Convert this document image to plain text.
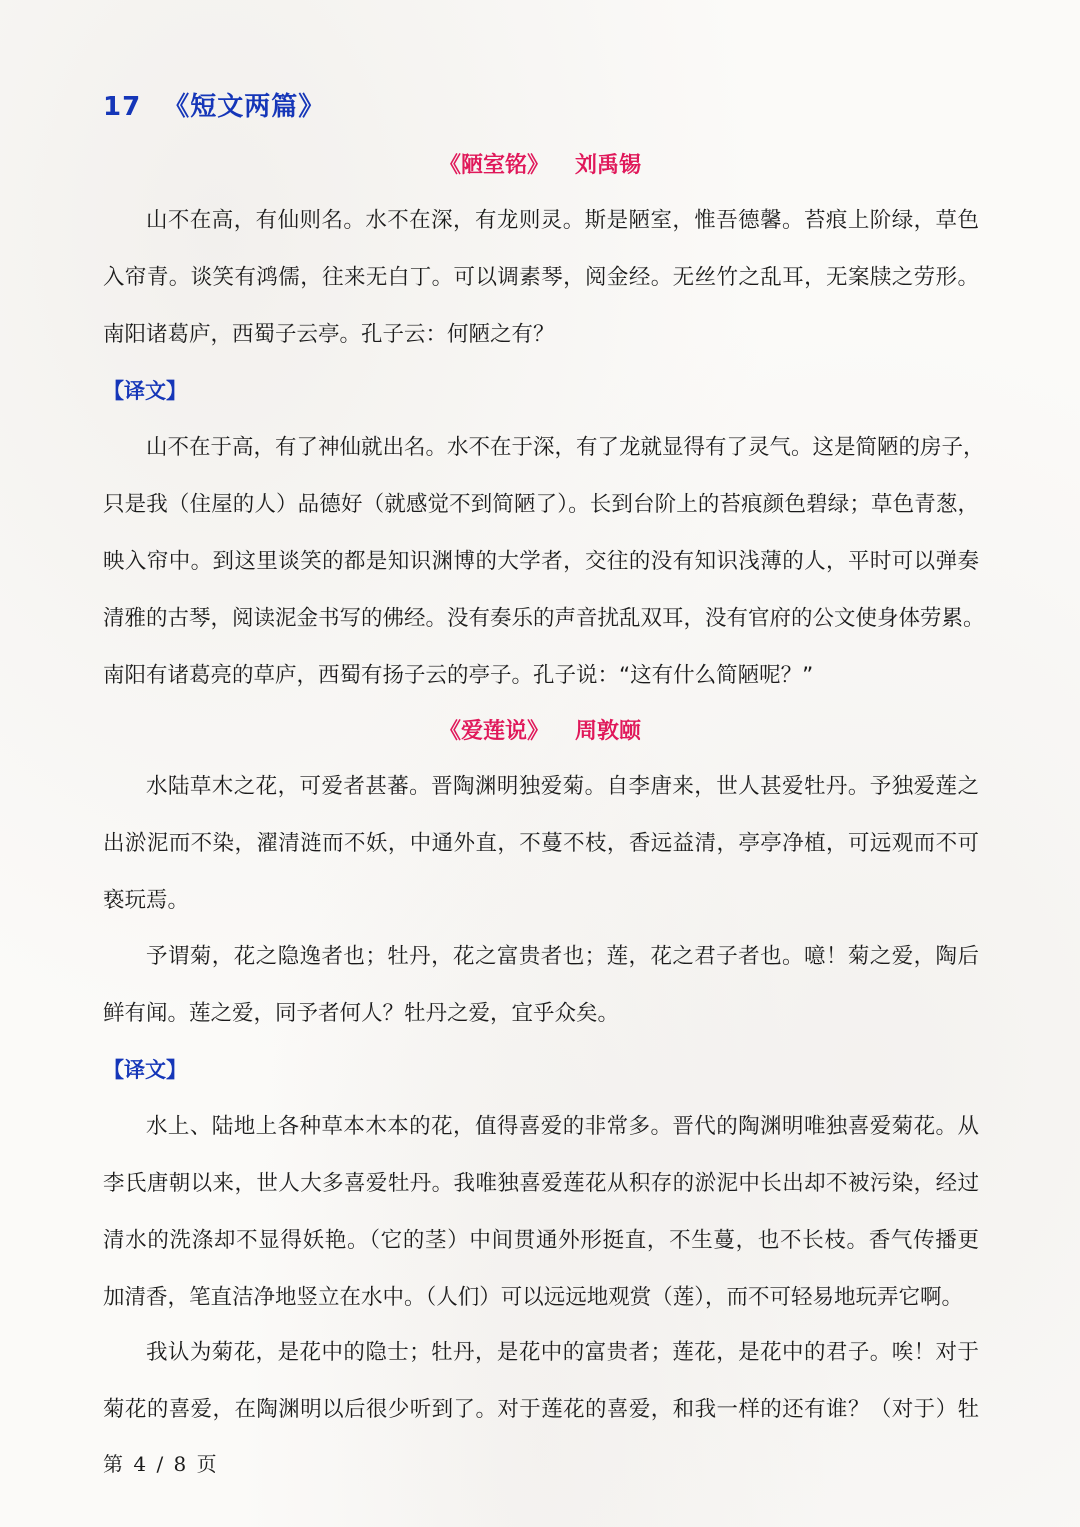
17 《短文两篇》
《陋室铭》 刘禹锡
山不在高，有仙则名。水不在深，有龙则灵。斯是陋室，惟吾德馨。苔痕上阶绿，草色
入帘青。谈笑有鸿儒，往来无白丁。可以调素琴，阅金经。无丝竹之乱耳，无案牍之劳形。
南阳诸葛庐，西蜀子云亭。孔子云：何陋之有？
【译文】
山不在于高，有了神仙就出名。水不在于深，有了龙就显得有了灵气。这是简陋的房子，
只是我（住屋的人）品德好（就感觉不到简陋了）。长到台阶上的苔痕颜色碧绿；草色青葱，
映入帘中。到这里谈笑的都是知识渊博的大学者，交往的没有知识浅薄的人，平时可以弹奏
清雅的古琴，阅读泥金书写的佛经。没有奏乐的声音扰乱双耳，没有官府的公文使身体劳累。
南阳有诸葛亮的草庐，西蜀有扬子云的亭子。孔子说：“这有什么简陋呢？”
《爱莲说》 周敦颐
水陆草木之花，可爱者甚蕃。晋陶渊明独爱菊。自李唐来，世人甚爱牡丹。予独爱莲之
出淤泥而不染，濯清涟而不妖，中通外直，不蔓不枝，香远益清，亭亭净植，可远观而不可
亵玩焉。
予谓菊，花之隐逸者也；牡丹，花之富贵者也；莲，花之君子者也。噫！菊之爱，陶后
鲜有闻。莲之爱，同予者何人？牡丹之爱，宜乎众矣。
【译文】
水上、陆地上各种草本木本的花，值得喜爱的非常多。晋代的陶渊明唯独喜爱菊花。从
李氏唐朝以来，世人大多喜爱牡丹。我唯独喜爱莲花从积存的淤泥中长出却不被污染，经过
清水的洗涤却不显得妖艳。（它的茎）中间贯通外形挺直，不生蔓，也不长枝。香气传播更
加清香，笔直洁净地竖立在水中。（人们）可以远远地观赏（莲），而不可轻易地玩弄它啊。
我认为菊花，是花中的隐士；牡丹，是花中的富贵者；莲花，是花中的君子。唉！对于
菊花的喜爱，在陶渊明以后很少听到了。对于莲花的喜爱，和我一样的还有谁？（对于）牡
第 4 / 8 页
